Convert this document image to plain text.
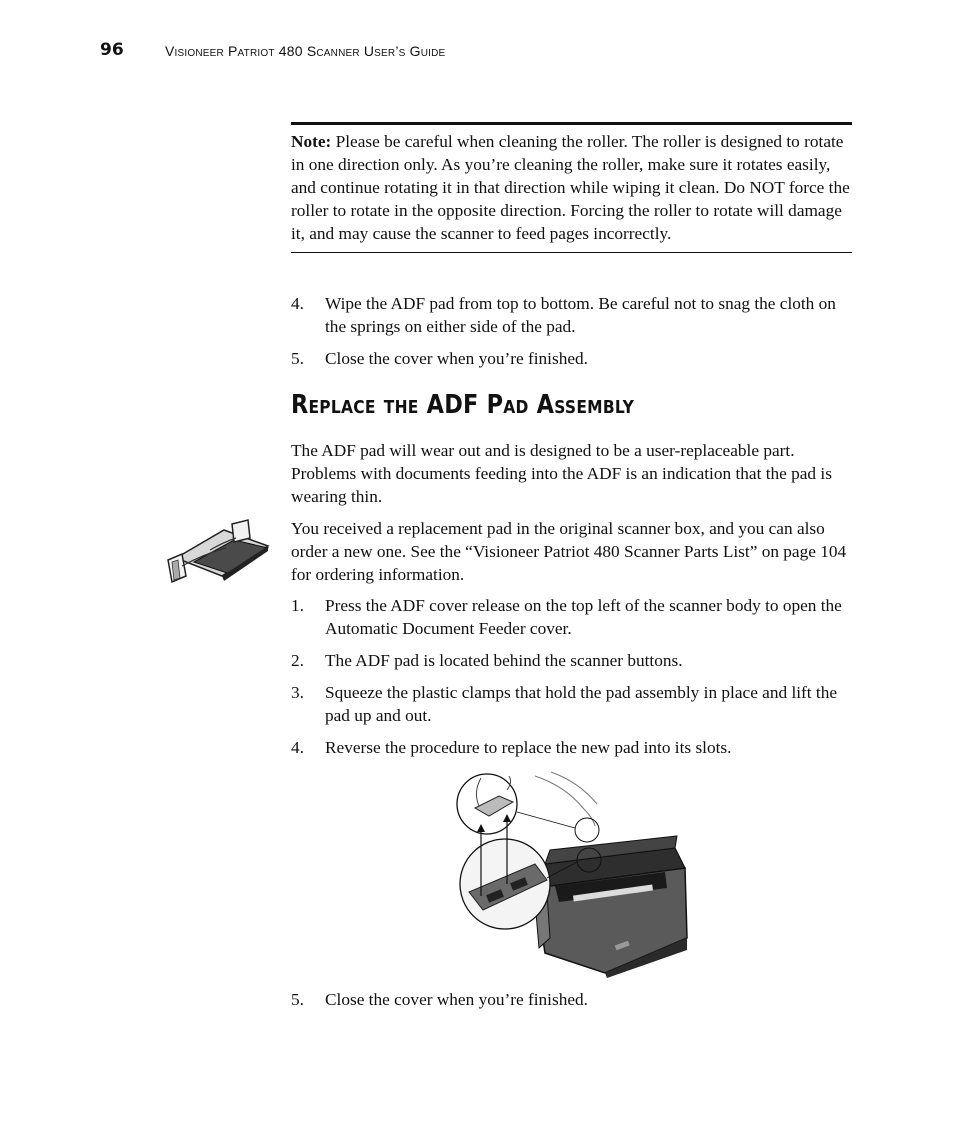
96	Visioneer Patriot 480 Scanner User’s Guide
Note: Please be careful when cleaning the roller. The roller is designed to rotate in one direction only. As you’re cleaning the roller, make sure it rotates easily, and continue rotating it in that direction while wiping it clean. Do NOT force the roller to rotate in the opposite direction. Forcing the roller to rotate will damage it, and may cause the scanner to feed pages incorrectly.
4. Wipe the ADF pad from top to bottom. Be careful not to snag the cloth on the springs on either side of the pad.
5. Close the cover when you’re finished.
Replace the ADF Pad Assembly
The ADF pad will wear out and is designed to be a user-replaceable part. Problems with documents feeding into the ADF is an indication that the pad is wearing thin.
You received a replacement pad in the original scanner box, and you can also order a new one. See the “Visioneer Patriot 480 Scanner Parts List” on page 104 for ordering information.
1. Press the ADF cover release on the top left of the scanner body to open the Automatic Document Feeder cover.
2. The ADF pad is located behind the scanner buttons.
3. Squeeze the plastic clamps that hold the pad assembly in place and lift the pad up and out.
4. Reverse the procedure to replace the new pad into its slots.
5. Close the cover when you’re finished.
